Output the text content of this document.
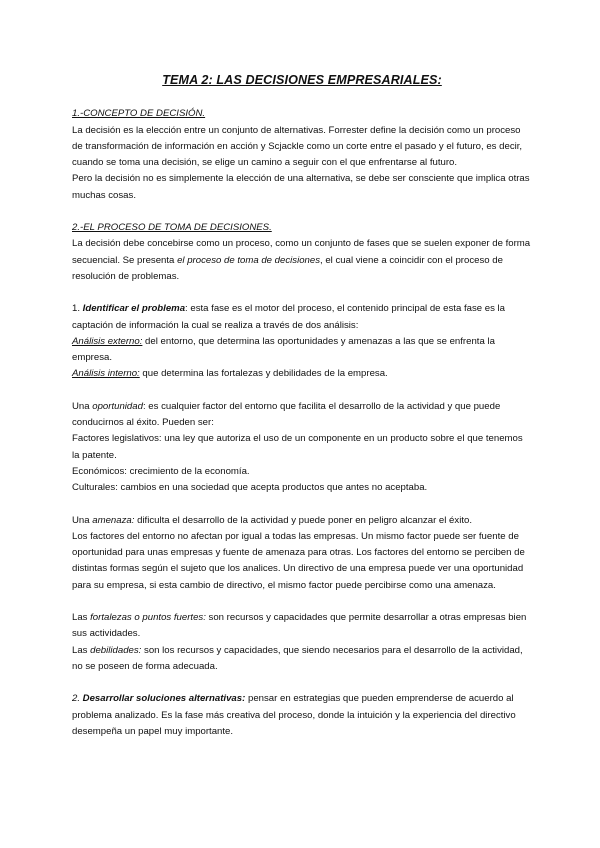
TEMA 2: LAS DECISIONES EMPRESARIALES:

1.-CONCEPTO DE DECISIÓN.

La decisión es la elección entre un conjunto de alternativas. Forrester define la decisión como un proceso de transformación de información en acción y Scjackle como un corte entre el pasado y el futuro, es decir, cuando se toma una decisión, se elige un camino a seguir con el que enfrentarse al futuro.

Pero la decisión no es simplemente la elección de una alternativa, se debe ser consciente que implica otras muchas cosas.

2.-EL PROCESO DE TOMA DE DECISIONES.

La decisión debe concebirse como un proceso, como un conjunto de fases que se suelen exponer de forma secuencial. Se presenta el proceso de toma de decisiones, el cual viene a coincidir con el proceso de resolución de problemas.

1. Identificar el problema: esta fase es el motor del proceso, el contenido principal de esta fase es la captación de información la cual se realiza a través de dos análisis:

Análisis externo: del entorno, que determina las oportunidades y amenazas a las que se enfrenta la empresa.

Análisis interno: que determina las fortalezas y debilidades de la empresa.

Una oportunidad: es cualquier factor del entorno que facilita el desarrollo de la actividad y que puede conducirnos al éxito. Pueden ser:

Factores legislativos: una ley que autoriza el uso de un componente en un producto sobre el que tenemos la patente.

Económicos: crecimiento de la economía.

Culturales: cambios en una sociedad que acepta productos que antes no aceptaba.

Una amenaza: dificulta el desarrollo de la actividad y puede poner en peligro alcanzar el éxito.

Los factores del entorno no afectan por igual a todas las empresas. Un mismo factor puede ser fuente de oportunidad para unas empresas y fuente de amenaza para otras. Los factores del entorno se perciben de distintas formas según el sujeto que los analices. Un directivo de una empresa puede ver una oportunidad para su empresa, si esta cambio de directivo, el mismo factor puede percibirse como una amenaza.

Las fortalezas o puntos fuertes: son recursos y capacidades que permite desarrollar a otras empresas bien sus actividades.

Las debilidades: son los recursos y capacidades, que siendo necesarios para el desarrollo de la actividad, no se poseen de forma adecuada.

2. Desarrollar soluciones alternativas: pensar en estrategias que pueden emprenderse de acuerdo al problema analizado. Es la fase más creativa del proceso, donde la intuición y la experiencia del directivo desempeña un papel muy importante.
